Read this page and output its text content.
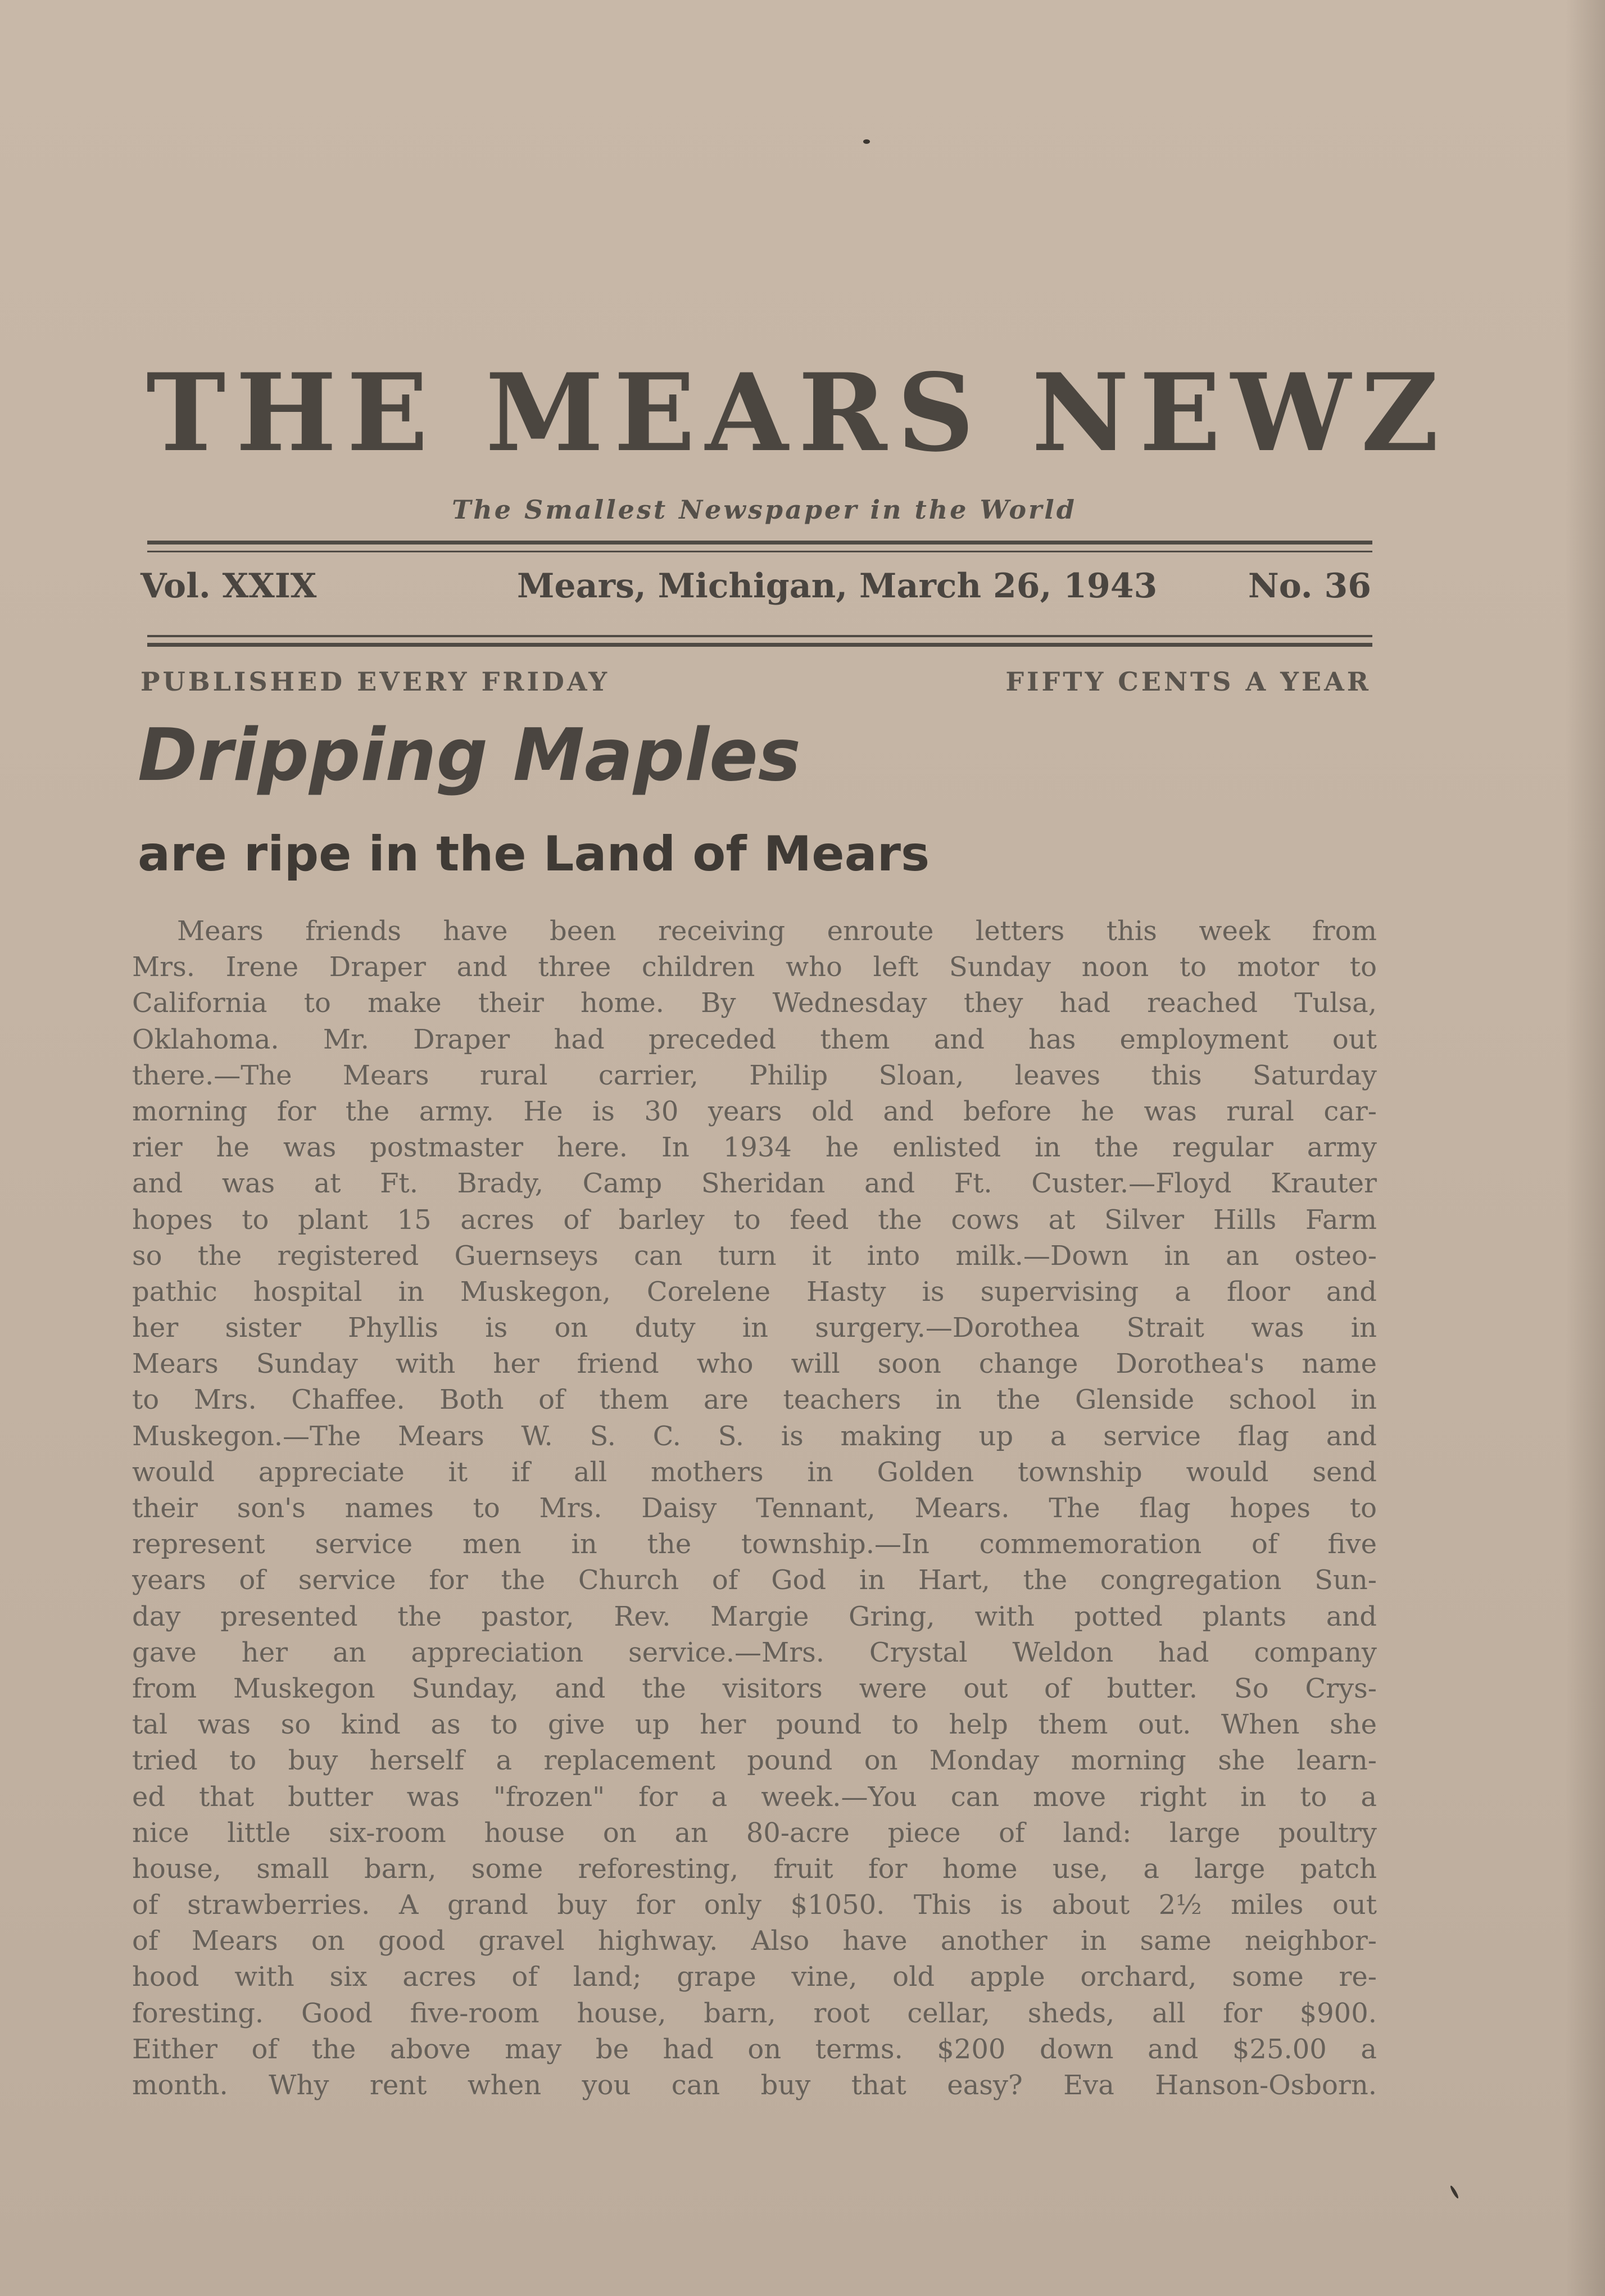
THE MEARS NEWZ
The Smallest Newspaper in the World
Vol. XXIX	Mears, Michigan, March 26, 1943	No. 36
PUBLISHED EVERY FRIDAY	FIFTY CENTS A YEAR
Dripping Maples
are ripe in the Land of Mears
Mears friends have been receiving enroute letters this week from
Mrs. Irene Draper and three children who left Sunday noon to motor to
California to make their home. By Wednesday they had reached Tulsa,
Oklahoma. Mr. Draper had preceded them and has employment out
there.—The Mears rural carrier, Philip Sloan, leaves this Saturday
morning for the army. He is 30 years old and before he was rural car-
rier he was postmaster here. In 1934 he enlisted in the regular army
and was at Ft. Brady, Camp Sheridan and Ft. Custer.—Floyd Krauter
hopes to plant 15 acres of barley to feed the cows at Silver Hills Farm
so the registered Guernseys can turn it into milk.—Down in an osteo-
pathic hospital in Muskegon, Corelene Hasty is supervising a floor and
her sister Phyllis is on duty in surgery.—Dorothea Strait was in
Mears Sunday with her friend who will soon change Dorothea's name
to Mrs. Chaffee. Both of them are teachers in the Glenside school in
Muskegon.—The Mears W. S. C. S. is making up a service flag and
would appreciate it if all mothers in Golden township would send
their son's names to Mrs. Daisy Tennant, Mears. The flag hopes to
represent service men in the township.—In commemoration of five
years of service for the Church of God in Hart, the congregation Sun-
day presented the pastor, Rev. Margie Gring, with potted plants and
gave her an appreciation service.—Mrs. Crystal Weldon had company
from Muskegon Sunday, and the visitors were out of butter. So Crys-
tal was so kind as to give up her pound to help them out. When she
tried to buy herself a replacement pound on Monday morning she learn-
ed that butter was "frozen" for a week.—You can move right in to a
nice little six-room house on an 80-acre piece of land: large poultry
house, small barn, some reforesting, fruit for home use, a large patch
of strawberries. A grand buy for only $1050. This is about 2½ miles out
of Mears on good gravel highway. Also have another in same neighbor-
hood with six acres of land; grape vine, old apple orchard, some re-
foresting. Good five-room house, barn, root cellar, sheds, all for $900.
Either of the above may be had on terms. $200 down and $25.00 a
month. Why rent when you can buy that easy? Eva Hanson-Osborn.
